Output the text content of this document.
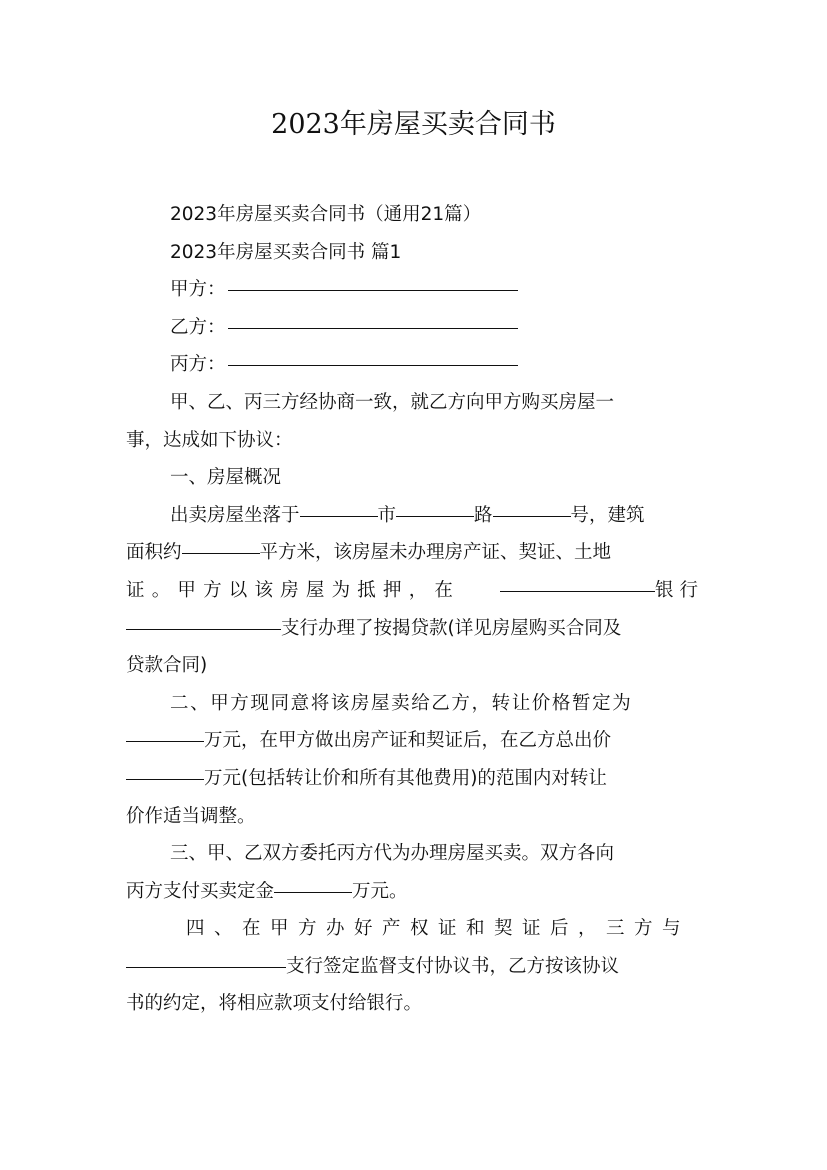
2023年房屋买卖合同书
2023年房屋买卖合同书（通用21篇）
2023年房屋买卖合同书 篇1
甲方：
乙方：
丙方：
甲、乙、丙三方经协商一致，就乙方向甲方购买房屋一
事，达成如下协议：
一、房屋概况
出卖房屋坐落于	市	路	号，建筑
面积约	平方米，该房屋未办理房产证、契证、土地
证。甲方以该房屋为抵押，在	银行
支行办理了按揭贷款(详见房屋购买合同及
贷款合同)
二、甲方现同意将该房屋卖给乙方，转让价格暂定为
万元，在甲方做出房产证和契证后，在乙方总出价
万元(包括转让价和所有其他费用)的范围内对转让
价作适当调整。
三、甲、乙双方委托丙方代为办理房屋买卖。双方各向
丙方支付买卖定金	万元。
四、在甲方办好产权证和契证后，三方与
支行签定监督支付协议书，乙方按该协议
书的约定，将相应款项支付给银行。
